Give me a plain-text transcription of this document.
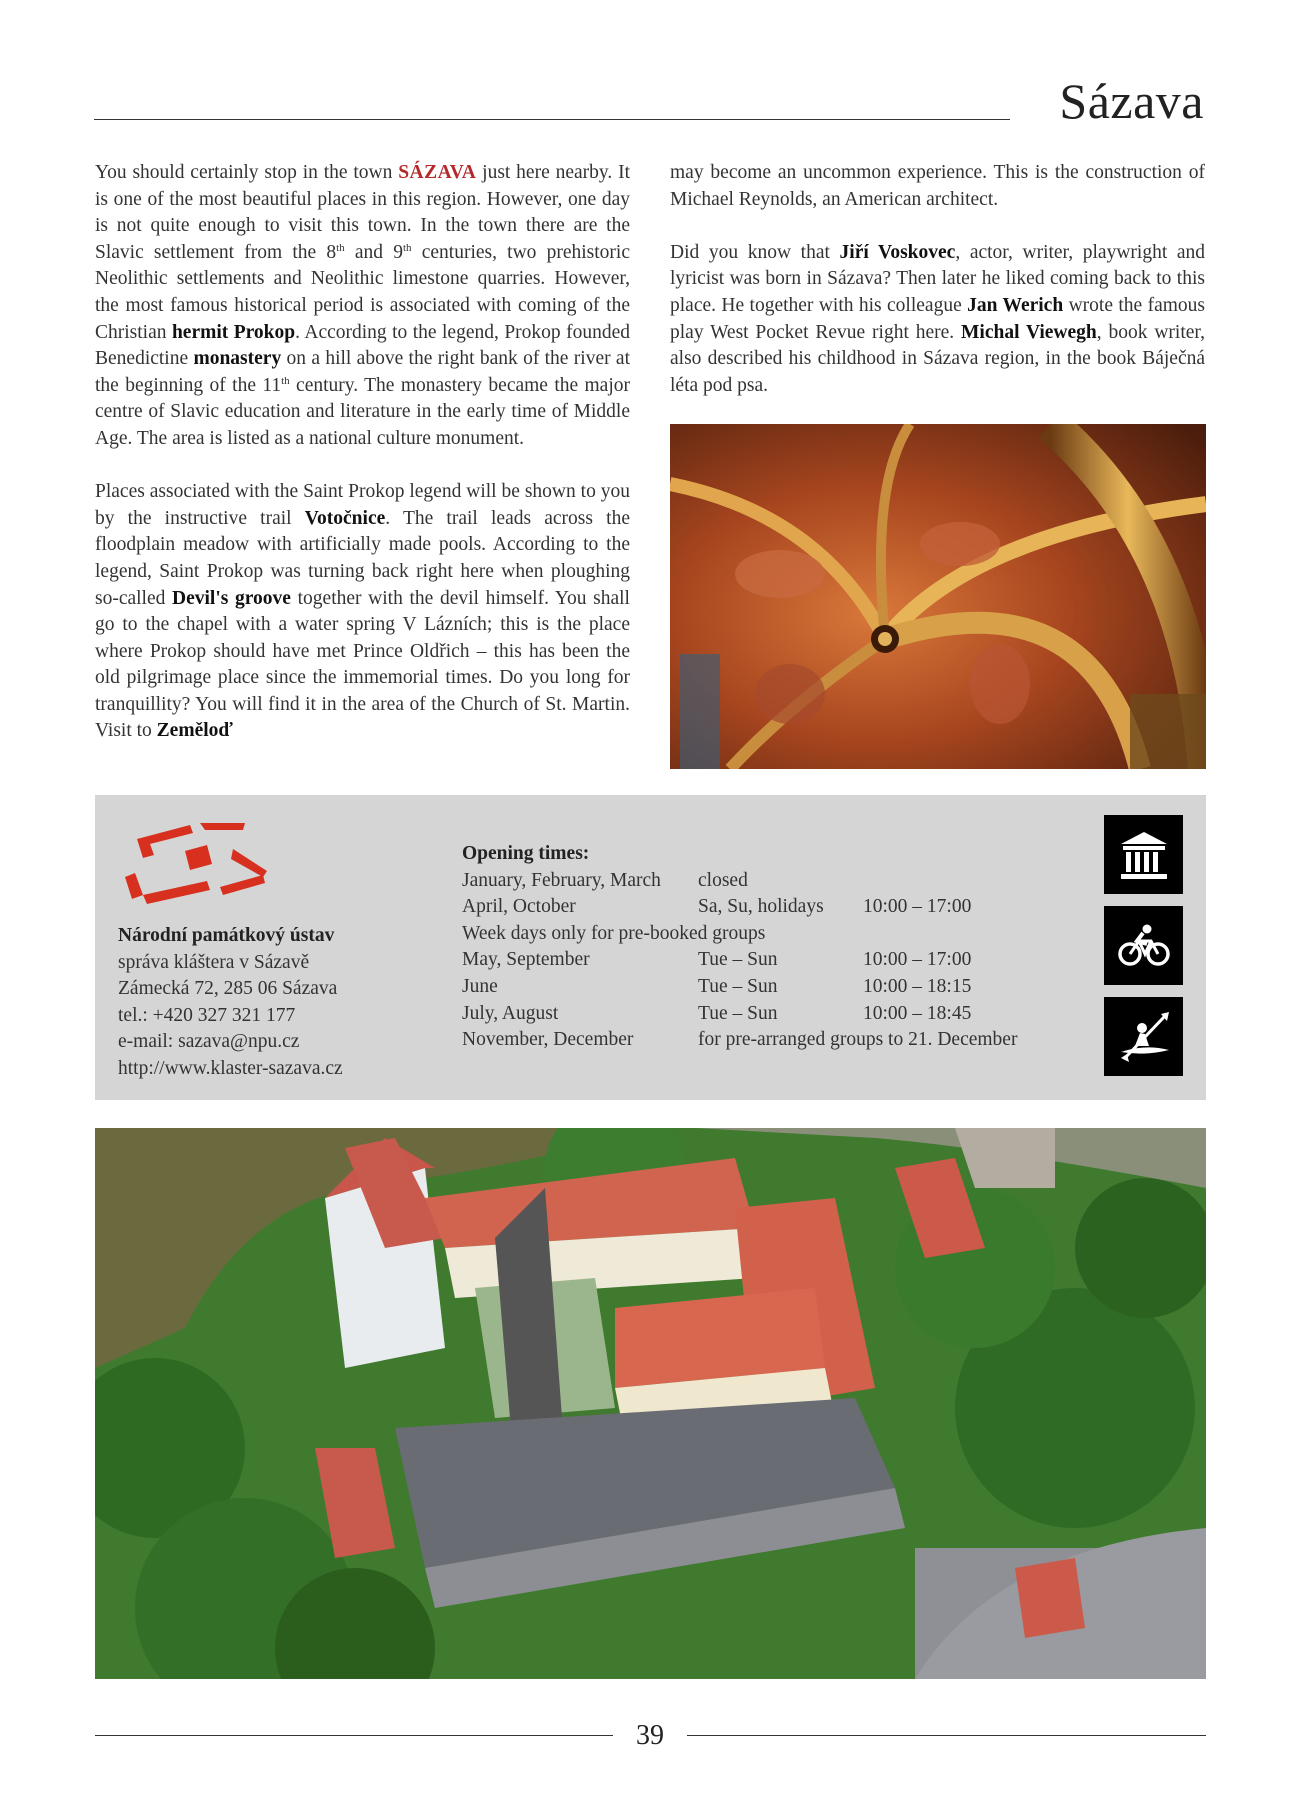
Sázava

You should certainly stop in the town SÁZAVA just here nearby. It is one of the most beautiful places in this region. However, one day is not quite enough to visit this town. In the town there are the Slavic settlement from the 8th and 9th centuries, two prehistoric Neolithic settlements and Neolithic limestone quarries. However, the most famous historical period is associated with coming of the Christian hermit Prokop. According to the legend, Prokop founded Benedictine monastery on a hill above the right bank of the river at the beginning of the 11th century. The monastery became the major centre of Slavic education and literature in the early time of Middle Age. The area is listed as a national culture monument.

Places associated with the Saint Prokop legend will be shown to you by the instructive trail Votočnice. The trail leads across the floodplain meadow with artificially made pools. According to the legend, Saint Prokop was turning back right here when ploughing so-called Devil's groove together with the devil himself. You shall go to the chapel with a water spring V Lázních; this is the place where Prokop should have met Prince Oldřich – this has been the old pilgrimage place since the immemorial times. Do you long for tranquillity? You will find it in the area of the Church of St. Martin. Visit to Zeměloď

may become an uncommon experience. This is the construction of Michael Reynolds, an American architect.

Did you know that Jiří Voskovec, actor, writer, playwright and lyricist was born in Sázava? Then later he liked coming back to this place. He together with his colleague Jan Werich wrote the famous play West Pocket Revue right here. Michal Viewegh, book writer, also described his childhood in Sázava region, in the book Báječná léta pod psa.

Národní památkový ústav
správa kláštera v Sázavě
Zámecká 72, 285 06 Sázava
tel.: +420 327 321 177
e-mail: sazava@npu.cz
http://www.klaster-sazava.cz
Opening times:
January, February, March closed
April, October	Sa, Su, holidays 10:00 – 17:00
Week days only for pre-booked groups
May, September	Tue – Sun	10:00 – 17:00
June	Tue – Sun	10:00 – 18:15
July, August	Tue – Sun	10:00 – 18:45
November, December	for pre-arranged groups to 21. December
39
